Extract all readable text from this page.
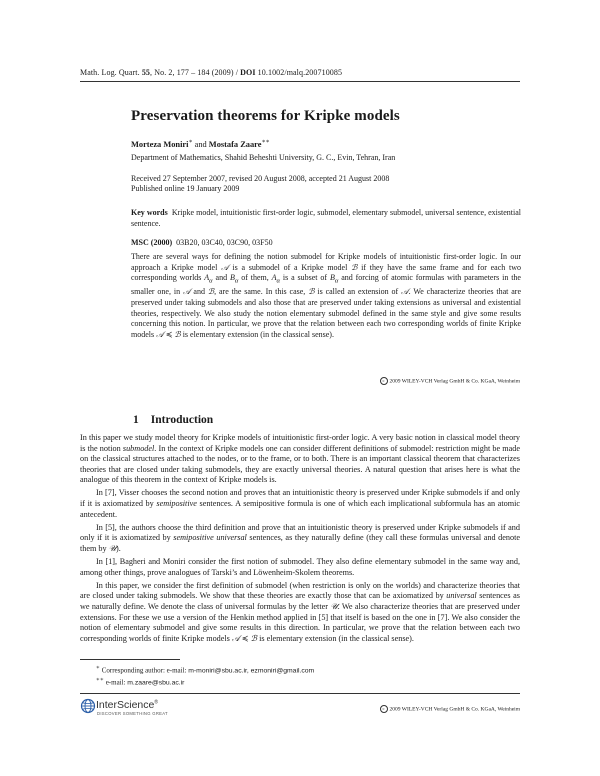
Math. Log. Quart. 55, No. 2, 177 – 184 (2009) / DOI 10.1002/malq.200710085
Preservation theorems for Kripke models
Morteza Moniri∗ and Mostafa Zaare∗∗
Department of Mathematics, Shahid Beheshti University, G. C., Evin, Tehran, Iran
Received 27 September 2007, revised 20 August 2008, accepted 21 August 2008
Published online 19 January 2009
Key words Kripke model, intuitionistic first-order logic, submodel, elementary submodel, universal sentence, existential sentence.
MSC (2000) 03B20, 03C40, 03C90, 03F50

There are several ways for defining the notion submodel for Kripke models of intuitionistic first-order logic. In our approach a Kripke model 𝒜 is a submodel of a Kripke model ℬ if they have the same frame and for each two corresponding worlds $A_\alpha$ and $B_\alpha$ of them, $A_\alpha$ is a subset of $B_\alpha$ and forcing of atomic formulas with parameters in the smaller one, in 𝒜 and ℬ, are the same. In this case, ℬ is called an extension of 𝒜. We characterize theories that are preserved under taking submodels and also those that are preserved under taking extensions as universal and existential theories, respectively. We also study the notion elementary submodel defined in the same style and give some results concerning this notion. In particular, we prove that the relation between each two corresponding worlds of finite Kripke models 𝒜 ≼ ℬ is elementary extension (in the classical sense).

c 2009 WILEY-VCH Verlag GmbH & Co. KGaA, Weinheim
1 Introduction

In this paper we study model theory for Kripke models of intuitionistic first-order logic. A very basic notion in classical model theory is the notion submodel. In the context of Kripke models one can consider different definitions of submodel: restriction might be made on the classical structures attached to the nodes, or to the frame, or to both. There is an important classical theorem that characterizes theories that are closed under taking submodels, they are exactly universal theories. A natural question that arises here is what the analogue of this theorem in the context of Kripke models is.

In [7], Visser chooses the second notion and proves that an intuitionistic theory is preserved under Kripke submodels if and only if it is axiomatized by semipositive sentences. A semipositive formula is one of which each implicational subformula has an atomic antecedent.

In [5], the authors choose the third definition and prove that an intuitionistic theory is preserved under Kripke submodels if and only if it is axiomatized by semipositive universal sentences, as they naturally define (they call these formulas universal and denote them by 𝒰).

In [1], Bagheri and Moniri consider the first notion of submodel. They also define elementary submodel in the same way and, among other things, prove analogues of Tarski’s and Löwenheim-Skolem theorems.

In this paper, we consider the first definition of submodel (when restriction is only on the worlds) and characterize theories that are closed under taking submodels. We show that these theories are exactly those that can be axiomatized by universal sentences as we naturally define. We denote the class of universal formulas by the letter 𝒰. We also characterize theories that are preserved under extensions. For these we use a version of the Henkin method applied in [5] that itself is based on the one in [7]. We also consider the notion of elementary submodel and give some results in this direction. In particular, we prove that the relation between each two corresponding worlds of finite Kripke models 𝒜 ≼ ℬ is elementary extension (in the classical sense).

∗ Corresponding author: e-mail: m-moniri@sbu.ac.ir, ezmoniri@gmail.com
∗∗ e-mail: m.zaare@sbu.ac.ir
InterScience®
DISCOVER SOMETHING GREAT
c 2009 WILEY-VCH Verlag GmbH & Co. KGaA, Weinheim
